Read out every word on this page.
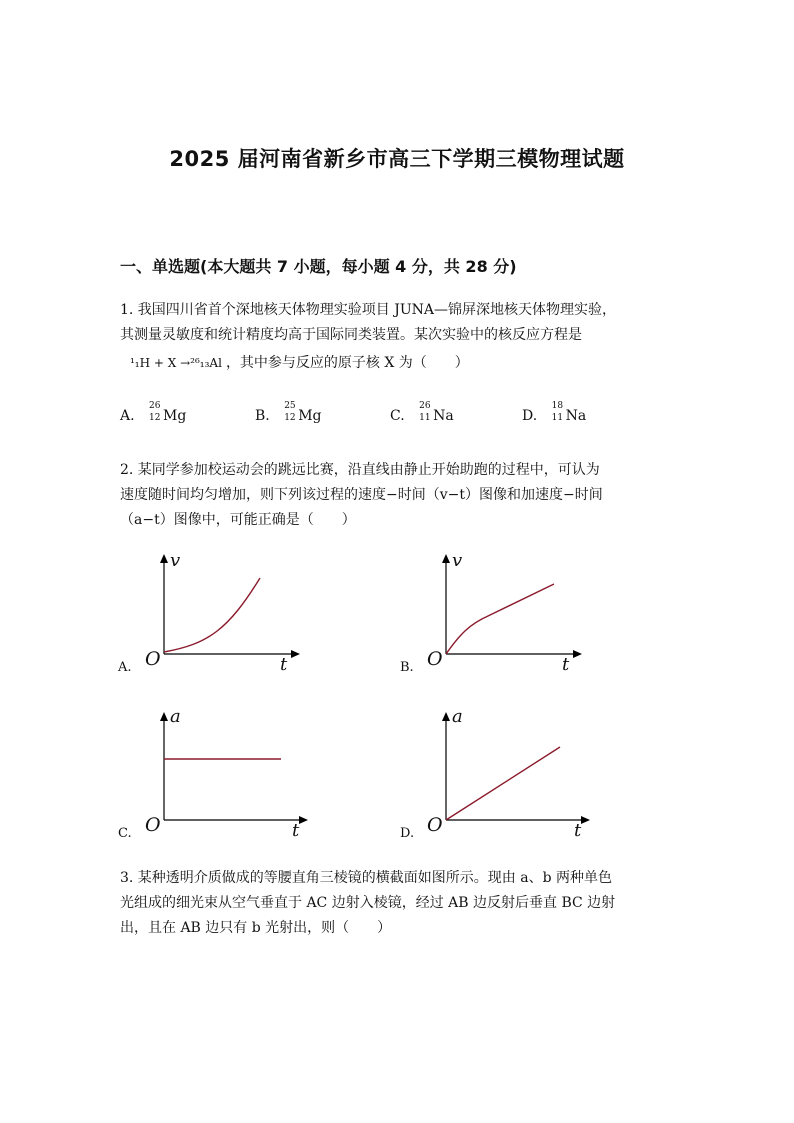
2025 届河南省新乡市高三下学期三模物理试题
一、单选题(本大题共 7 小题，每小题 4 分，共 28 分)
1. 我国四川省首个深地核天体物理实验项目 JUNA—锦屏深地核天体物理实验，
其测量灵敏度和统计精度均高于国际同类装置。某次实验中的核反应方程是
¹₁H + X →²⁶₁₃Al ，其中参与反应的原子核 X 为（　　）
A.
26
12 Mg	B.
25
12 Mg	C.
26
11 Na	D.
18
11 Na
2. 某同学参加校运动会的跳远比赛，沿直线由静止开始助跑的过程中，可认为
速度随时间均匀增加，则下列该过程的速度−时间（v−t）图像和加速度−时间
（a−t）图像中，可能正确是（　　）
A.
v
t
O	B.
v
t
O
C.
a
t
O	D.
a
t
O
3. 某种透明介质做成的等腰直角三棱镜的横截面如图所示。现由 a、b 两种单色
光组成的细光束从空气垂直于 AC 边射入棱镜，经过 AB 边反射后垂直 BC 边射
出，且在 AB 边只有 b 光射出，则（　　）
